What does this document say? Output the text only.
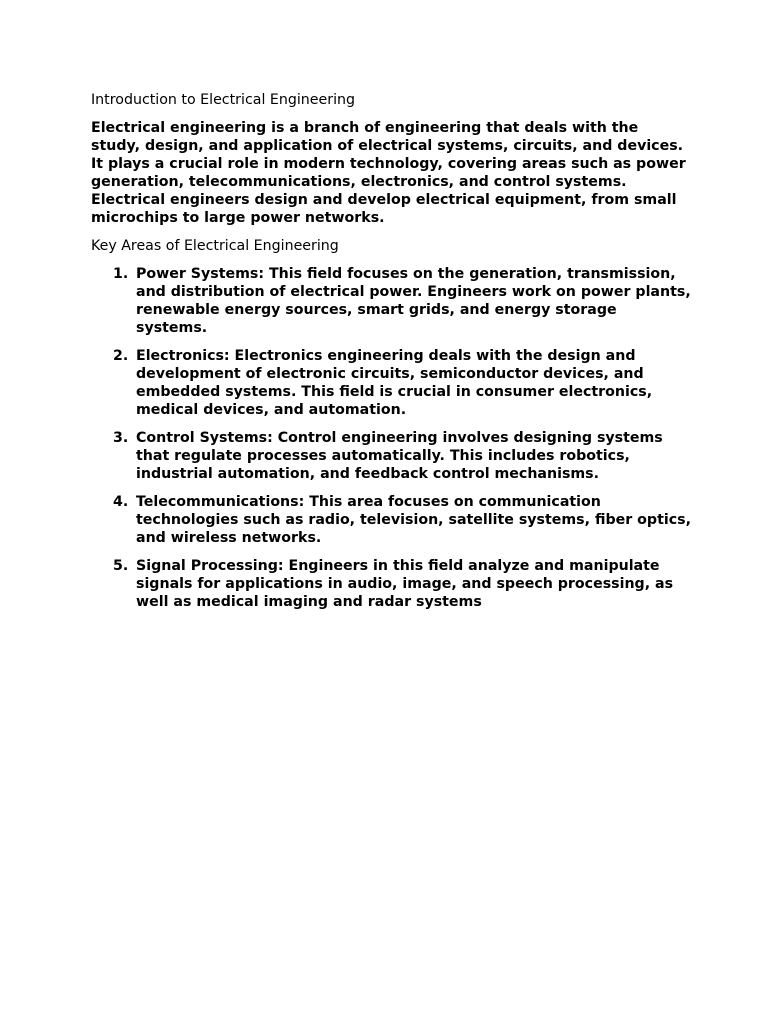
Introduction to Electrical Engineering

Electrical engineering is a branch of engineering that deals with the study, design, and application of electrical systems, circuits, and devices. It plays a crucial role in modern technology, covering areas such as power generation, telecommunications, electronics, and control systems. Electrical engineers design and develop electrical equipment, from small microchips to large power networks.

Key Areas of Electrical Engineering

1. Power Systems: This field focuses on the generation, transmission, and distribution of electrical power. Engineers work on power plants, renewable energy sources, smart grids, and energy storage systems.
2. Electronics: Electronics engineering deals with the design and development of electronic circuits, semiconductor devices, and embedded systems. This field is crucial in consumer electronics, medical devices, and automation.
3. Control Systems: Control engineering involves designing systems that regulate processes automatically. This includes robotics, industrial automation, and feedback control mechanisms.
4. Telecommunications: This area focuses on communication technologies such as radio, television, satellite systems, fiber optics, and wireless networks.
5. Signal Processing: Engineers in this field analyze and manipulate signals for applications in audio, image, and speech processing, as well as medical imaging and radar systems
